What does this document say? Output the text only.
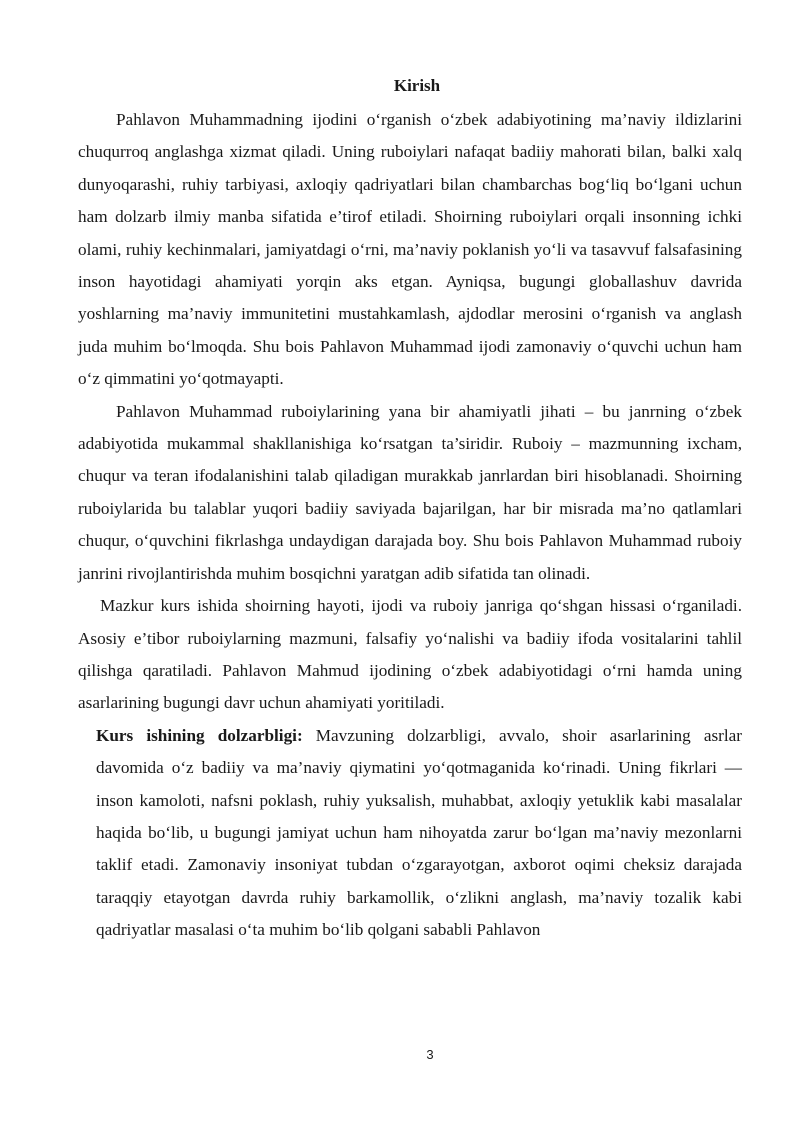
Kirish

Pahlavon Muhammadning ijodini o‘rganish o‘zbek adabiyotining ma’naviy ildizlarini chuqurroq anglashga xizmat qiladi. Uning ruboiylari nafaqat badiiy mahorati bilan, balki xalq dunyoqarashi, ruhiy tarbiyasi, axloqiy qadriyatlari bilan chambarchas bog‘liq bo‘lgani uchun ham dolzarb ilmiy manba sifatida e’tirof etiladi. Shoirning ruboiylari orqali insonning ichki olami, ruhiy kechinmalari, jamiyatdagi o‘rni, ma’naviy poklanish yo‘li va tasavvuf falsafasining inson hayotidagi ahamiyati yorqin aks etgan. Ayniqsa, bugungi globallashuv davrida yoshlarning ma’naviy immunitetini mustahkamlash, ajdodlar merosini o‘rganish va anglash juda muhim bo‘lmoqda. Shu bois Pahlavon Muhammad ijodi zamonaviy o‘quvchi uchun ham o‘z qimmatini yo‘qotmayapti.

Pahlavon Muhammad ruboiylarining yana bir ahamiyatli jihati – bu janrning o‘zbek adabiyotida mukammal shakllanishiga ko‘rsatgan ta’siridir. Ruboiy – mazmunning ixcham, chuqur va teran ifodalanishini talab qiladigan murakkab janrlardan biri hisoblanadi. Shoirning ruboiylarida bu talablar yuqori badiiy saviyada bajarilgan, har bir misrada ma’no qatlamlari chuqur, o‘quvchini fikrlashga undaydigan darajada boy. Shu bois Pahlavon Muhammad ruboiy janrini rivojlantirishda muhim bosqichni yaratgan adib sifatida tan olinadi.

Mazkur kurs ishida shoirning hayoti, ijodi va ruboiy janriga qo‘shgan hissasi o‘rganiladi. Asosiy e’tibor ruboiylarning mazmuni, falsafiy yo‘nalishi va badiiy ifoda vositalarini tahlil qilishga qaratiladi. Pahlavon Mahmud ijodining o‘zbek adabiyotidagi o‘rni hamda uning asarlarining bugungi davr uchun ahamiyati yoritiladi.

Kurs ishining dolzarbligi: Mavzuning dolzarbligi, avvalo, shoir asarlarining asrlar davomida o‘z badiiy va ma’naviy qiymatini yo‘qotmaganida ko‘rinadi. Uning fikrlari — inson kamoloti, nafsni poklash, ruhiy yuksalish, muhabbat, axloqiy yetuklik kabi masalalar haqida bo‘lib, u bugungi jamiyat uchun ham nihoyatda zarur bo‘lgan ma’naviy mezonlarni taklif etadi. Zamonaviy insoniyat tubdan o‘zgarayotgan, axborot oqimi cheksiz darajada taraqqiy etayotgan davrda ruhiy barkamollik, o‘zlikni anglash, ma’naviy tozalik kabi qadriyatlar masalasi o‘ta muhim bo‘lib qolgani sababli Pahlavon

3
